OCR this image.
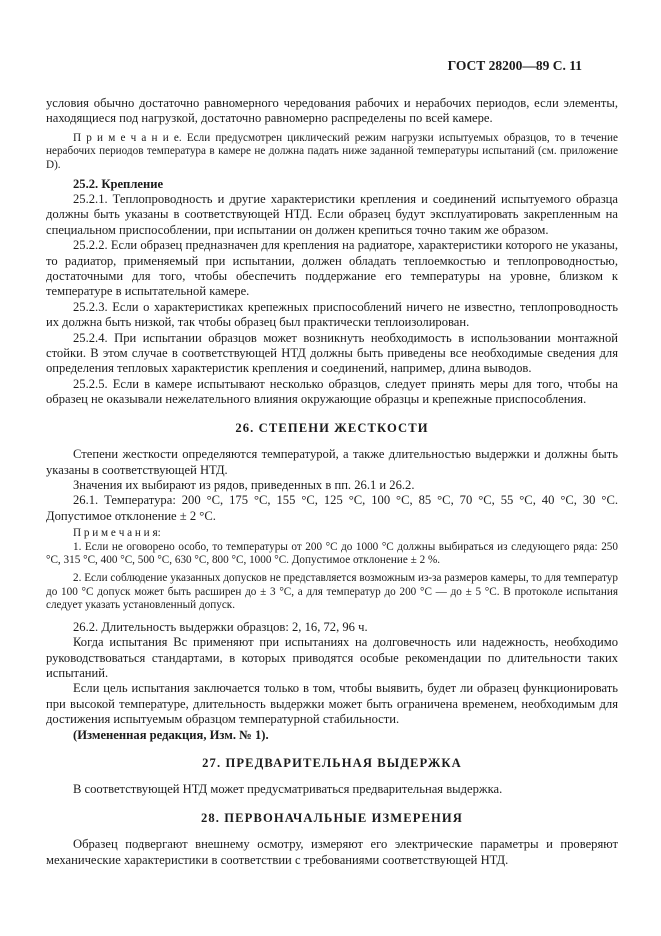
ГОСТ 28200—89 С. 11

условия обычно достаточно равномерного чередования рабочих и нерабочих периодов, если элементы, находящиеся под нагрузкой, достаточно равномерно распределены по всей камере.

П р и м е ч а н и е. Если предусмотрен циклический режим нагрузки испытуемых образцов, то в течение нерабочих периодов температура в камере не должна падать ниже заданной температуры испытаний (см. приложение D).

25.2. Крепление

25.2.1. Теплопроводность и другие характеристики крепления и соединений испытуемого образца должны быть указаны в соответствующей НТД. Если образец будут эксплуатировать закрепленным на специальном приспособлении, при испытании он должен крепиться точно таким же образом.

25.2.2. Если образец предназначен для крепления на радиаторе, характеристики которого не указаны, то радиатор, применяемый при испытании, должен обладать теплоемкостью и теплопроводностью, достаточными для того, чтобы обеспечить поддержание его температуры на уровне, близком к температуре в испытательной камере.

25.2.3. Если о характеристиках крепежных приспособлений ничего не известно, теплопроводность их должна быть низкой, так чтобы образец был практически теплоизолирован.

25.2.4. При испытании образцов может возникнуть необходимость в использовании монтажной стойки. В этом случае в соответствующей НТД должны быть приведены все необходимые сведения для определения тепловых характеристик крепления и соединений, например, длина выводов.

25.2.5. Если в камере испытывают несколько образцов, следует принять меры для того, чтобы на образец не оказывали нежелательного влияния окружающие образцы и крепежные приспособления.

26. СТЕПЕНИ ЖЕСТКОСТИ

Степени жесткости определяются температурой, а также длительностью выдержки и должны быть указаны в соответствующей НТД.

Значения их выбирают из рядов, приведенных в пп. 26.1 и 26.2.

26.1. Температура: 200 °С, 175 °С, 155 °С, 125 °С, 100 °С, 85 °С, 70 °С, 55 °С, 40 °С, 30 °С. Допустимое отклонение ± 2 °С.

П р и м е ч а н и я:

1. Если не оговорено особо, то температуры от 200 °С до 1000 °С должны выбираться из следующего ряда: 250 °С, 315 °С, 400 °С, 500 °С, 630 °С, 800 °С, 1000 °С. Допустимое отклонение ± 2 %.

2. Если соблюдение указанных допусков не представляется возможным из-за размеров камеры, то для температур до 100 °С допуск может быть расширен до ± 3 °С, а для температур до 200 °С — до ± 5 °С. В протоколе испытания следует указать установленный допуск.

26.2. Длительность выдержки образцов: 2, 16, 72, 96 ч.

Когда испытания Вс применяют при испытаниях на долговечность или надежность, необходимо руководствоваться стандартами, в которых приводятся особые рекомендации по длительности таких испытаний.

Если цель испытания заключается только в том, чтобы выявить, будет ли образец функционировать при высокой температуре, длительность выдержки может быть ограничена временем, необходимым для достижения испытуемым образцом температурной стабильности.

(Измененная редакция, Изм. № 1).

27. ПРЕДВАРИТЕЛЬНАЯ ВЫДЕРЖКА

В соответствующей НТД может предусматриваться предварительная выдержка.

28. ПЕРВОНАЧАЛЬНЫЕ ИЗМЕРЕНИЯ

Образец подвергают внешнему осмотру, измеряют его электрические параметры и проверяют механические характеристики в соответствии с требованиями соответствующей НТД.
